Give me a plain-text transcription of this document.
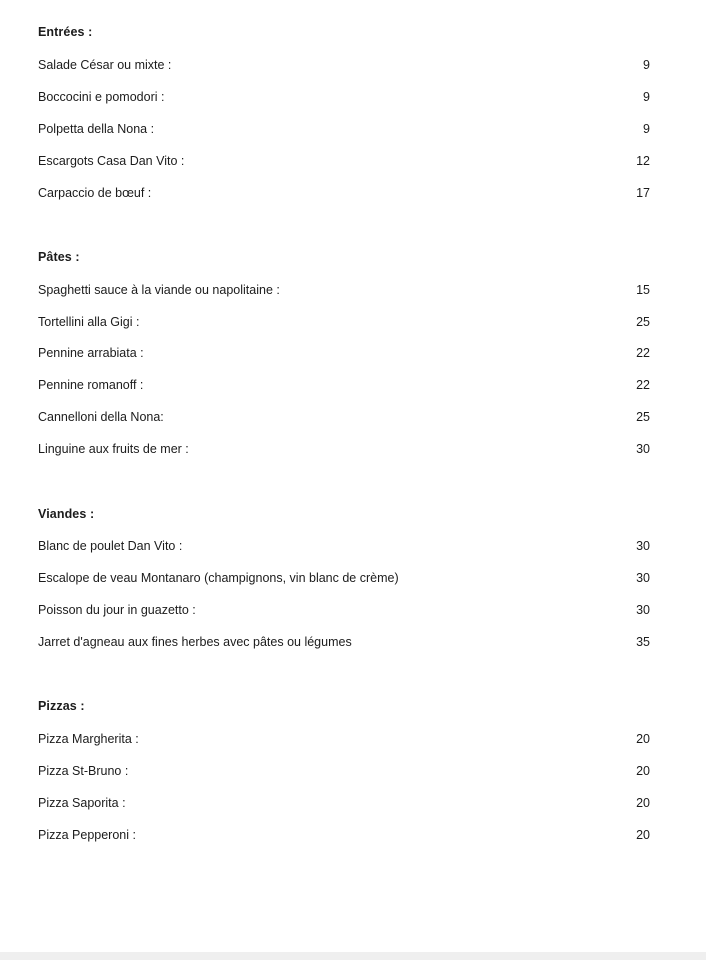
Entrées :
Salade César ou mixte :	9
Boccocini e pomodori :	9
Polpetta della Nona :	9
Escargots Casa Dan Vito :	12
Carpaccio de bœuf :	17
Pâtes :
Spaghetti sauce à la viande ou napolitaine :	15
Tortellini alla Gigi :	25
Pennine arrabiata :	22
Pennine romanoff :	22
Cannelloni della Nona:	25
Linguine aux fruits de mer :	30
Viandes :
Blanc de poulet Dan Vito :	30
Escalope de veau Montanaro (champignons, vin blanc de crème)	30
Poisson du jour in guazetto :	30
Jarret d'agneau aux fines herbes avec pâtes ou légumes	35
Pizzas :
Pizza Margherita :	20
Pizza St-Bruno :	20
Pizza Saporita :	20
Pizza Pepperoni :	20
